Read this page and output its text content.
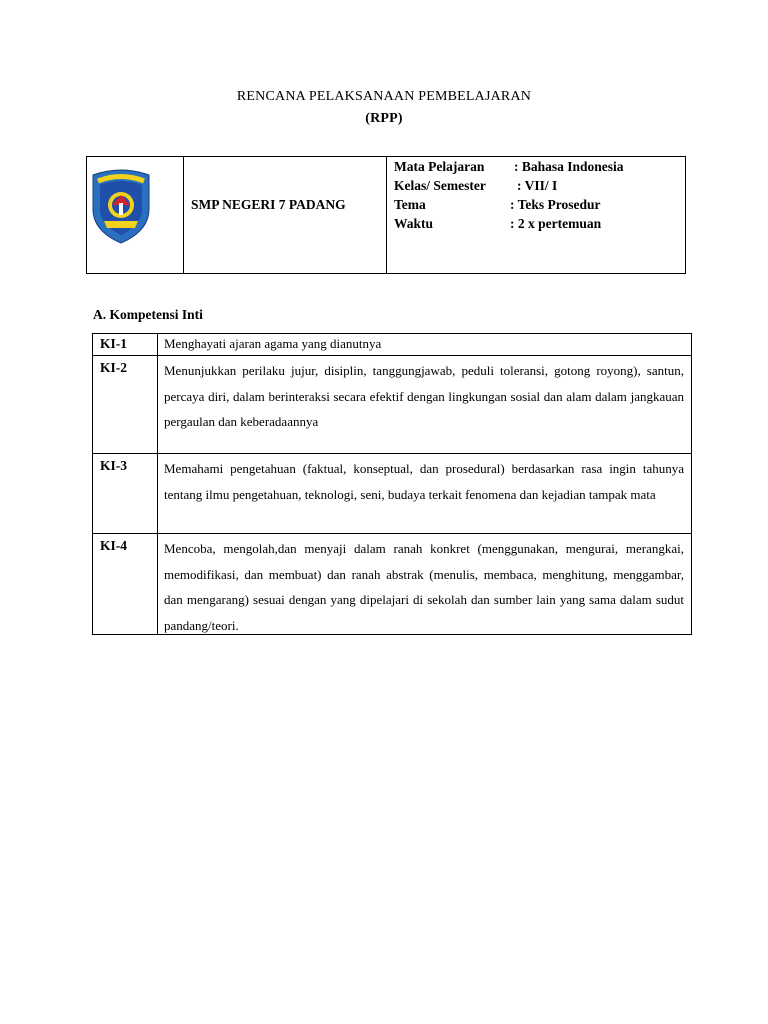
RENCANA PELAKSANAAN PEMBELAJARAN
(RPP)
SMP NEGERI 7 PADANG
Mata Pelajaran : Bahasa Indonesia
Kelas/ Semester : VII/ I
Tema	: Teks Prosedur
Waktu	: 2 x pertemuan
A. Kompetensi Inti
KI-1	Menghayati ajaran agama yang dianutnya
KI-2	Menunjukkan perilaku jujur, disiplin, tanggungjawab, peduli toleransi, gotong royong), santun, percaya diri, dalam berinteraksi secara efektif dengan lingkungan sosial dan alam dalam jangkauan pergaulan dan keberadaannya
KI-3	Memahami pengetahuan (faktual, konseptual, dan prosedural) berdasarkan rasa ingin tahunya tentang ilmu pengetahuan, teknologi, seni, budaya terkait fenomena dan kejadian tampak mata
KI-4	Mencoba, mengolah,dan menyaji dalam ranah konkret (menggunakan, mengurai, merangkai, memodifikasi, dan membuat) dan ranah abstrak (menulis, membaca, menghitung, menggambar, dan mengarang) sesuai dengan yang dipelajari di sekolah dan sumber lain yang sama dalam sudut pandang/teori.
